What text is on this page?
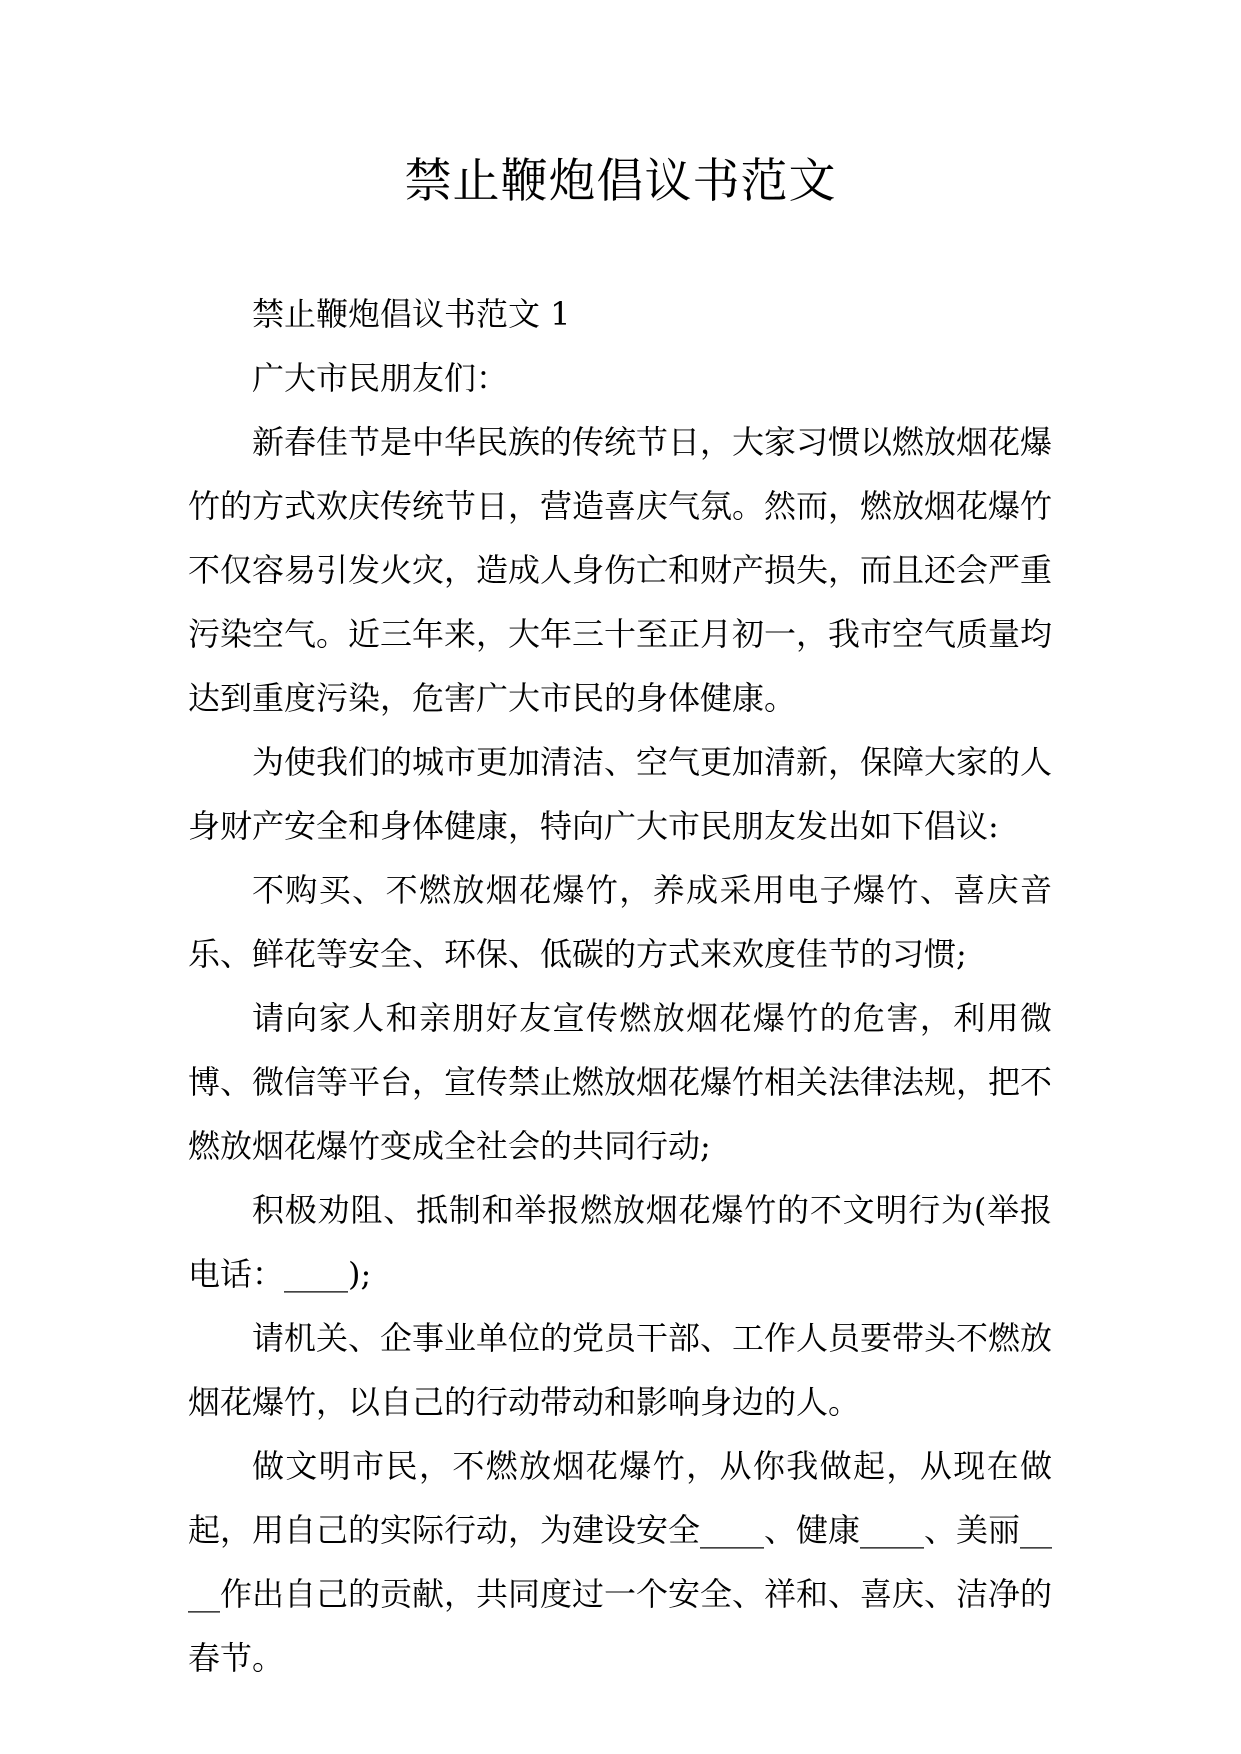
禁止鞭炮倡议书范文

禁止鞭炮倡议书范文 1

广大市民朋友们：

新春佳节是中华民族的传统节日，大家习惯以燃放烟花爆竹的方式欢庆传统节日，营造喜庆气氛。然而，燃放烟花爆竹不仅容易引发火灾，造成人身伤亡和财产损失，而且还会严重污染空气。近三年来，大年三十至正月初一，我市空气质量均达到重度污染，危害广大市民的身体健康。

为使我们的城市更加清洁、空气更加清新，保障大家的人身财产安全和身体健康，特向广大市民朋友发出如下倡议:

不购买、不燃放烟花爆竹，养成采用电子爆竹、喜庆音乐、鲜花等安全、环保、低碳的方式来欢度佳节的习惯;

请向家人和亲朋好友宣传燃放烟花爆竹的危害，利用微博、微信等平台，宣传禁止燃放烟花爆竹相关法律法规，把不燃放烟花爆竹变成全社会的共同行动;

积极劝阻、抵制和举报燃放烟花爆竹的不文明行为(举报电话：____);

请机关、企事业单位的党员干部、工作人员要带头不燃放烟花爆竹，以自己的行动带动和影响身边的人。

做文明市民，不燃放烟花爆竹，从你我做起，从现在做起，用自己的实际行动，为建设安全____、健康____、美丽____作出自己的贡献，共同度过一个安全、祥和、喜庆、洁净的春节。
